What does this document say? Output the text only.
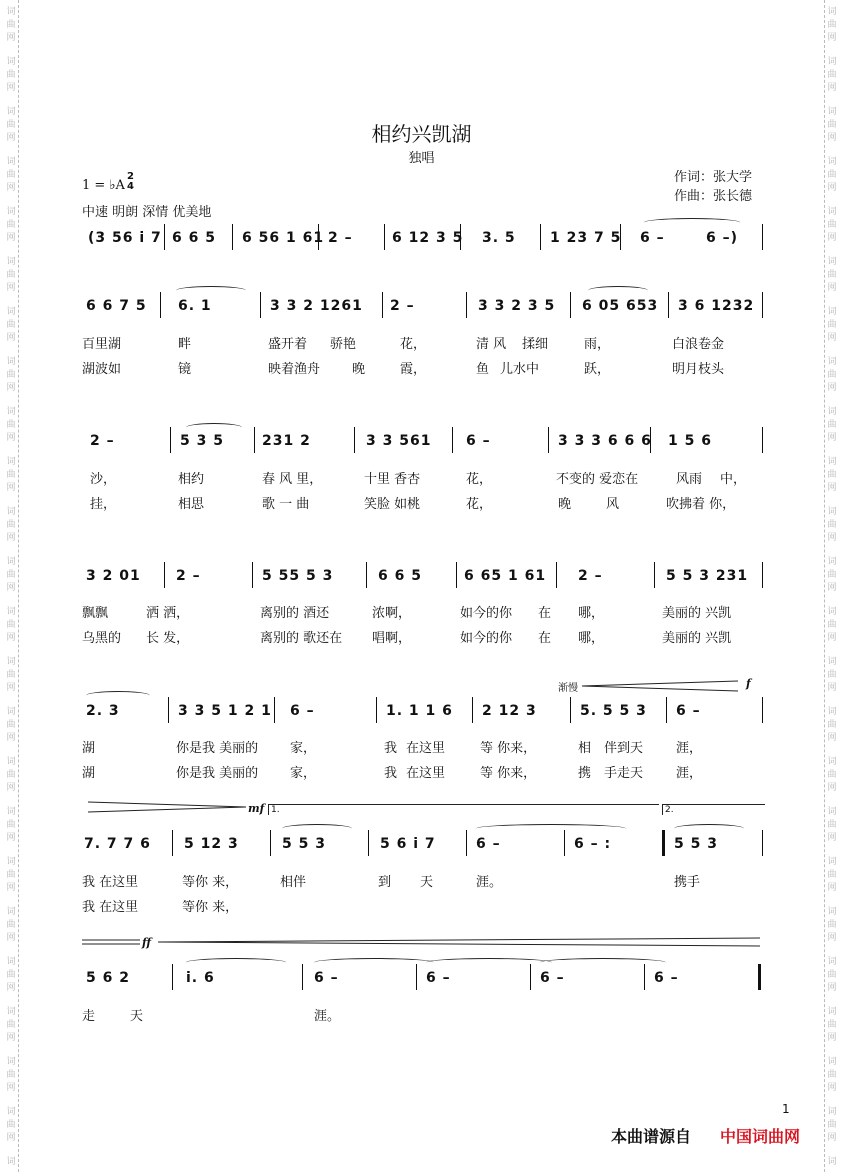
词
曲
网
词
曲
网
词
曲
网
词
曲
网
词
曲
网
词
曲
网
词
曲
网
词
曲
网
词
曲
网
词
曲
网
词
曲
网
词
曲
网
词
曲
网
词
曲
网
词
曲
网
词
曲
网
词
曲
网
词
曲
网
词
曲
网
词
曲
网
词
曲
网
词
曲
网
词
曲
网
词
词
曲
网
词
曲
网
词
曲
网
词
曲
网
词
曲
网
词
曲
网
词
曲
网
词
曲
网
词
曲
网
词
曲
网
词
曲
网
词
曲
网
词
曲
网
词
曲
网
词
曲
网
词
曲
网
词
曲
网
词
曲
网
词
曲
网
词
曲
网
词
曲
网
词
曲
网
词
曲
网
词
相约兴凯湖
独唱
作词：张大学
作曲：张长德
1 = ♭A
2
4
中速 明朗 深情 优美地
(3 56 i 7 6 6 5 6 56 1 61 2 –	6 12 3 5 3. 5 1 23 7 5 6 –	6 –)
6 6 7 5 6. 1	3 3 2 1261 2 –	3 3 2 3 5 6 05 653 3 6 1232
百里湖	畔	盛开着 骄艳	花，	清 风 揉细	雨，	白浪卷金
湖波如	镜	映着渔舟 晚	霞，	鱼 儿水中	跃，	明月枝头
2 –	5 3 5	231 2	3 3 561 6 –	3 3 3 6 6 6 1 5 6
沙，	相约	春 风 里，	十里 香杏	花，	不变的 爱恋在	风雨 中，
挂，	相思	歌 一 曲	笑脸 如桃	花，	晚	风	吹拂着 你，
3 2 01	2 –	5 55 5 3	6 6 5	6 65 1 61 2 –	5 5 3 231
飘飘	洒 洒，	离别的 酒还	浓啊，	如今的你 在 哪，	美丽的 兴凯
乌黑的 长 发，	离别的 歌还在 唱啊，	如今的你 在 哪，	美丽的 兴凯
渐慢	f
2. 3	3 3 5 1 2 1 6 –	1. 1 1 6 2 12 3	5. 5 5 3 6 –
湖	你是我 美丽的 家，	我 在这里	等 你来，	相 伴到天	涯，
湖	你是我 美丽的 家，	我 在这里	等 你来，	携 手走天	涯，
mf 1.	2.
7. 7 7 6 5 12 3	5 5 3	5 6 i 7	6 –	6 – :	5 5 3
我 在这里	等你 来，	相伴	到 天	涯。	携手
我 在这里	等你 来，
ff
5 6 2	i. 6	6 –	6 –	6 –	6 –
走	天	涯。
1
本曲谱源自 中国词曲网
